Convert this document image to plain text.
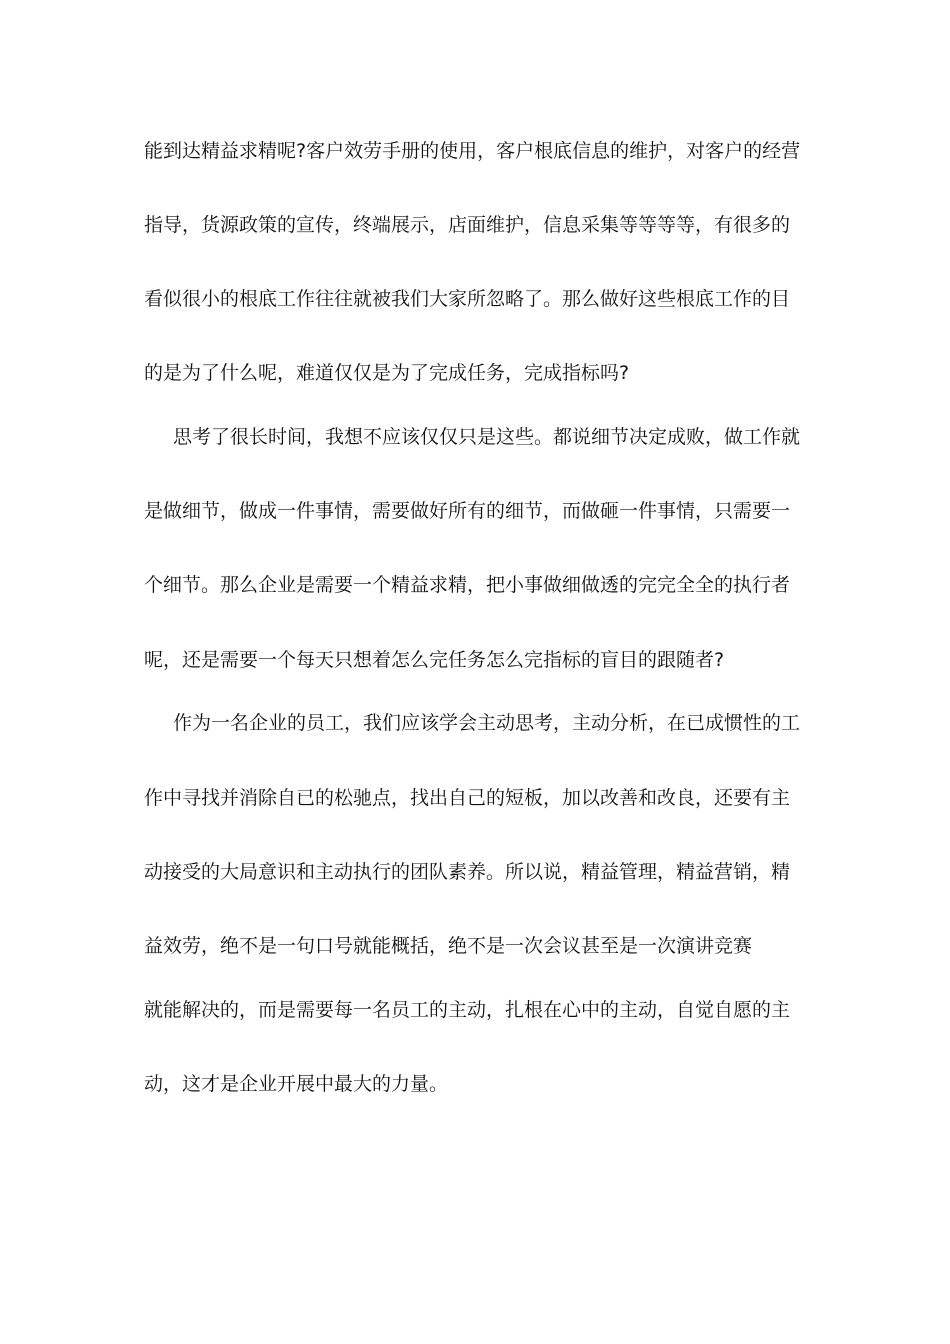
能到达精益求精呢?客户效劳手册的使用，客户根底信息的维护，对客户的经营
指导，货源政策的宣传，终端展示，店面维护，信息采集等等等等，有很多的
看似很小的根底工作往往就被我们大家所忽略了。那么做好这些根底工作的目
的是为了什么呢，难道仅仅是为了完成任务，完成指标吗?
思考了很长时间，我想不应该仅仅只是这些。都说细节决定成败，做工作就
是做细节，做成一件事情，需要做好所有的细节，而做砸一件事情，只需要一
个细节。那么企业是需要一个精益求精，把小事做细做透的完完全全的执行者
呢，还是需要一个每天只想着怎么完任务怎么完指标的盲目的跟随者?
作为一名企业的员工，我们应该学会主动思考，主动分析，在已成惯性的工
作中寻找并消除自已的松驰点，找出自己的短板，加以改善和改良，还要有主
动接受的大局意识和主动执行的团队素养。所以说，精益管理，精益营销，精
益效劳，绝不是一句口号就能概括，绝不是一次会议甚至是一次演讲竞赛
就能解决的，而是需要每一名员工的主动，扎根在心中的主动，自觉自愿的主
动，这才是企业开展中最大的力量。
